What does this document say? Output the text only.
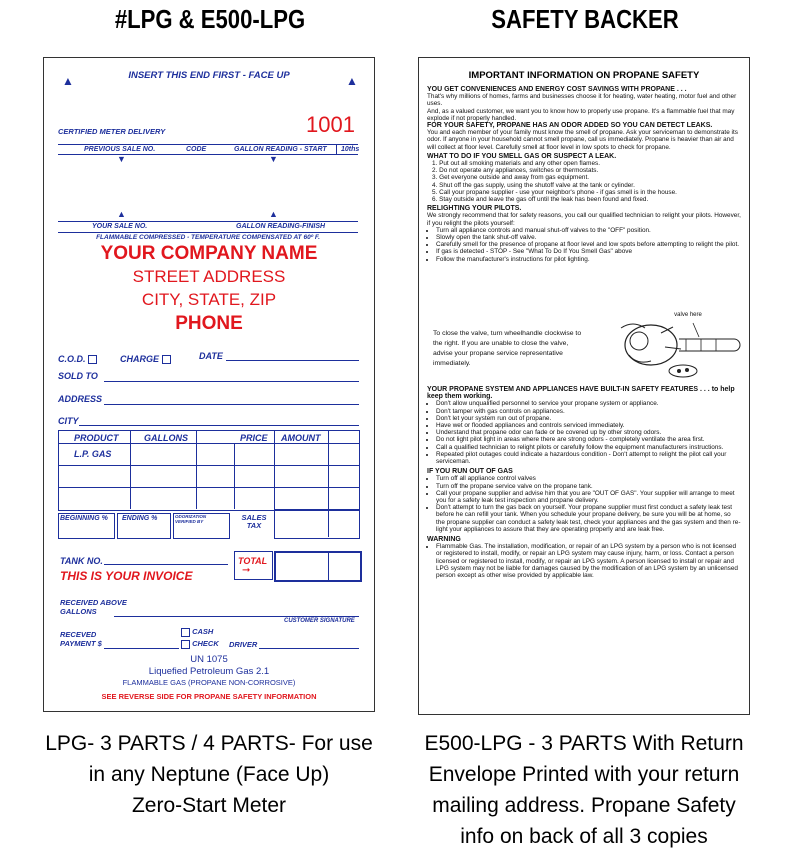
#LPG & E500-LPG	SAFETY BACKER
▲	▲
INSERT THIS END FIRST - FACE UP
CERTIFIED METER DELIVERY	1001
PREVIOUS SALE NO.	CODE	GALLON READING - START 10ths
▼	▼
▲	▲
YOUR SALE NO.	GALLON READING-FINISH
FLAMMABLE COMPRESSED - TEMPERATURE COMPENSATED AT 60º F.
YOUR COMPANY NAME
STREET ADDRESS
CITY, STATE, ZIP
PHONE
C.O.D.	CHARGE	DATE
SOLD TO
ADDRESS
CITY
PRODUCT	GALLONS	PRICE AMOUNT
L.P. GAS
BEGINNING % ENDING %	ODORIZATION VERIFIED BY	SALES TAX
TANK NO.
THIS IS YOUR INVOICE
TOTAL
➞
RECEIVED ABOVE GALLONS
CUSTOMER SIGNATURE
RECEVED PAYMENT $
CASH
CHECK DRIVER
UN 1075
Liquefied Petroleum Gas 2.1
FLAMMABLE GAS (PROPANE NON-CORROSIVE)
SEE REVERSE SIDE FOR PROPANE SAFETY INFORMATION
IMPORTANT INFORMATION ON PROPANE SAFETY

YOU GET CONVENIENCES AND ENERGY COST SAVINGS WITH PROPANE . . .

That's why millions of homes, farms and businesses choose it for heating, water heating, motor fuel and other uses.

And, as a valued customer, we want you to know how to properly use propane. It's a flammable fuel that may explode if not properly handled.

FOR YOUR SAFETY, PROPANE HAS AN ODOR ADDED SO YOU CAN DETECT LEAKS.

You and each member of your family must know the smell of propane. Ask your serviceman to demonstrate its odor. If anyone in your household cannot smell propane, call us immediately. Propane is heavier than air and will collect at floor level. Carefully smell at floor level in low spots to check for propane.

WHAT TO DO IF YOU SMELL GAS OR SUSPECT A LEAK.

1. Put out all smoking materials and any other open flames.

2. Do not operate any appliances, switches or thermostats.

3. Get everyone outside and away from gas equipment.

4. Shut off the gas supply, using the shutoff valve at the tank or cylinder.

5. Call your propane supplier - use your neighbor's phone - if gas smell is in the house.

6. Stay outside and leave the gas off until the leak has been found and fixed.

RELIGHTING YOUR PILOTS.

We strongly recommend that for safety reasons, you call our qualified technician to relight your pilots. However, if you relight the pilots yourself:

• Turn all appliance controls and manual shut-off valves to the "OFF" position.
• Slowly open the tank shut-off valve.
• Carefully smell for the presence of propane at floor level and low spots before attempting to relight the pilot.
• If gas is detected - STOP - See "What To Do If You Smell Gas" above
• Follow the manufacturer's instructions for pilot lighting.
To close the valve, turn wheelhandle clockwise to the right. If you are unable to close the valve, advise your propane service representative immediately.
valve here

YOUR PROPANE SYSTEM AND APPLIANCES HAVE BUILT-IN SAFETY FEATURES . . . to help keep them working.

• Don't allow unqualified personnel to service your propane system or appliance.
• Don't tamper with gas controls on appliances.
• Don't let your system run out of propane.
• Have wet or flooded appliances and controls serviced immediately.
• Understand that propane odor can fade or be covered up by other strong odors.
• Do not light pilot light in areas where there are strong odors - completely ventilate the area first.
• Call a qualified technician to relight pilots or carefully follow the equipment manufacturers instructions.
• Repeated pilot outages could indicate a hazardous condition - Don't attempt to relight the pilot call your serviceman.

IF YOU RUN OUT OF GAS

• Turn off all appliance control valves
• Turn off the propane service valve on the propane tank.
• Call your propane supplier and advise him that you are "OUT OF GAS". Your supplier will arrange to meet you for a safety leak test inspection and propane delivery.
• Don't attempt to turn the gas back on yourself. Your propane supplier must first conduct a safety leak test before he can refill your tank. When you schedule your propane delivery, be sure you will be at home, so the propane supplier can conduct a safety leak test, check your appliances and the gas system and then re-light your appliances to assure that they are operating properly and are leak free.

WARNING

• Flammable Gas. The installation, modification, or repair of an LPG system by a person who is not licensed or registered to install, modify, or repair an LPG system may cause injury, harm, or loss. Contact a person licensed or registered to install, modify, or repair an LPG system. A person licensed to install or repair and LPG system may not be liable for damages caused by the modification of an LPG system by an unlicensed person except as other wise provided by applicable law.
LPG- 3 PARTS / 4 PARTS- For use
in any Neptune (Face Up)
Zero-Start Meter
E500-LPG - 3 PARTS With Return
Envelope Printed with your return
mailing address. Propane Safety
info on back of all 3 copies
